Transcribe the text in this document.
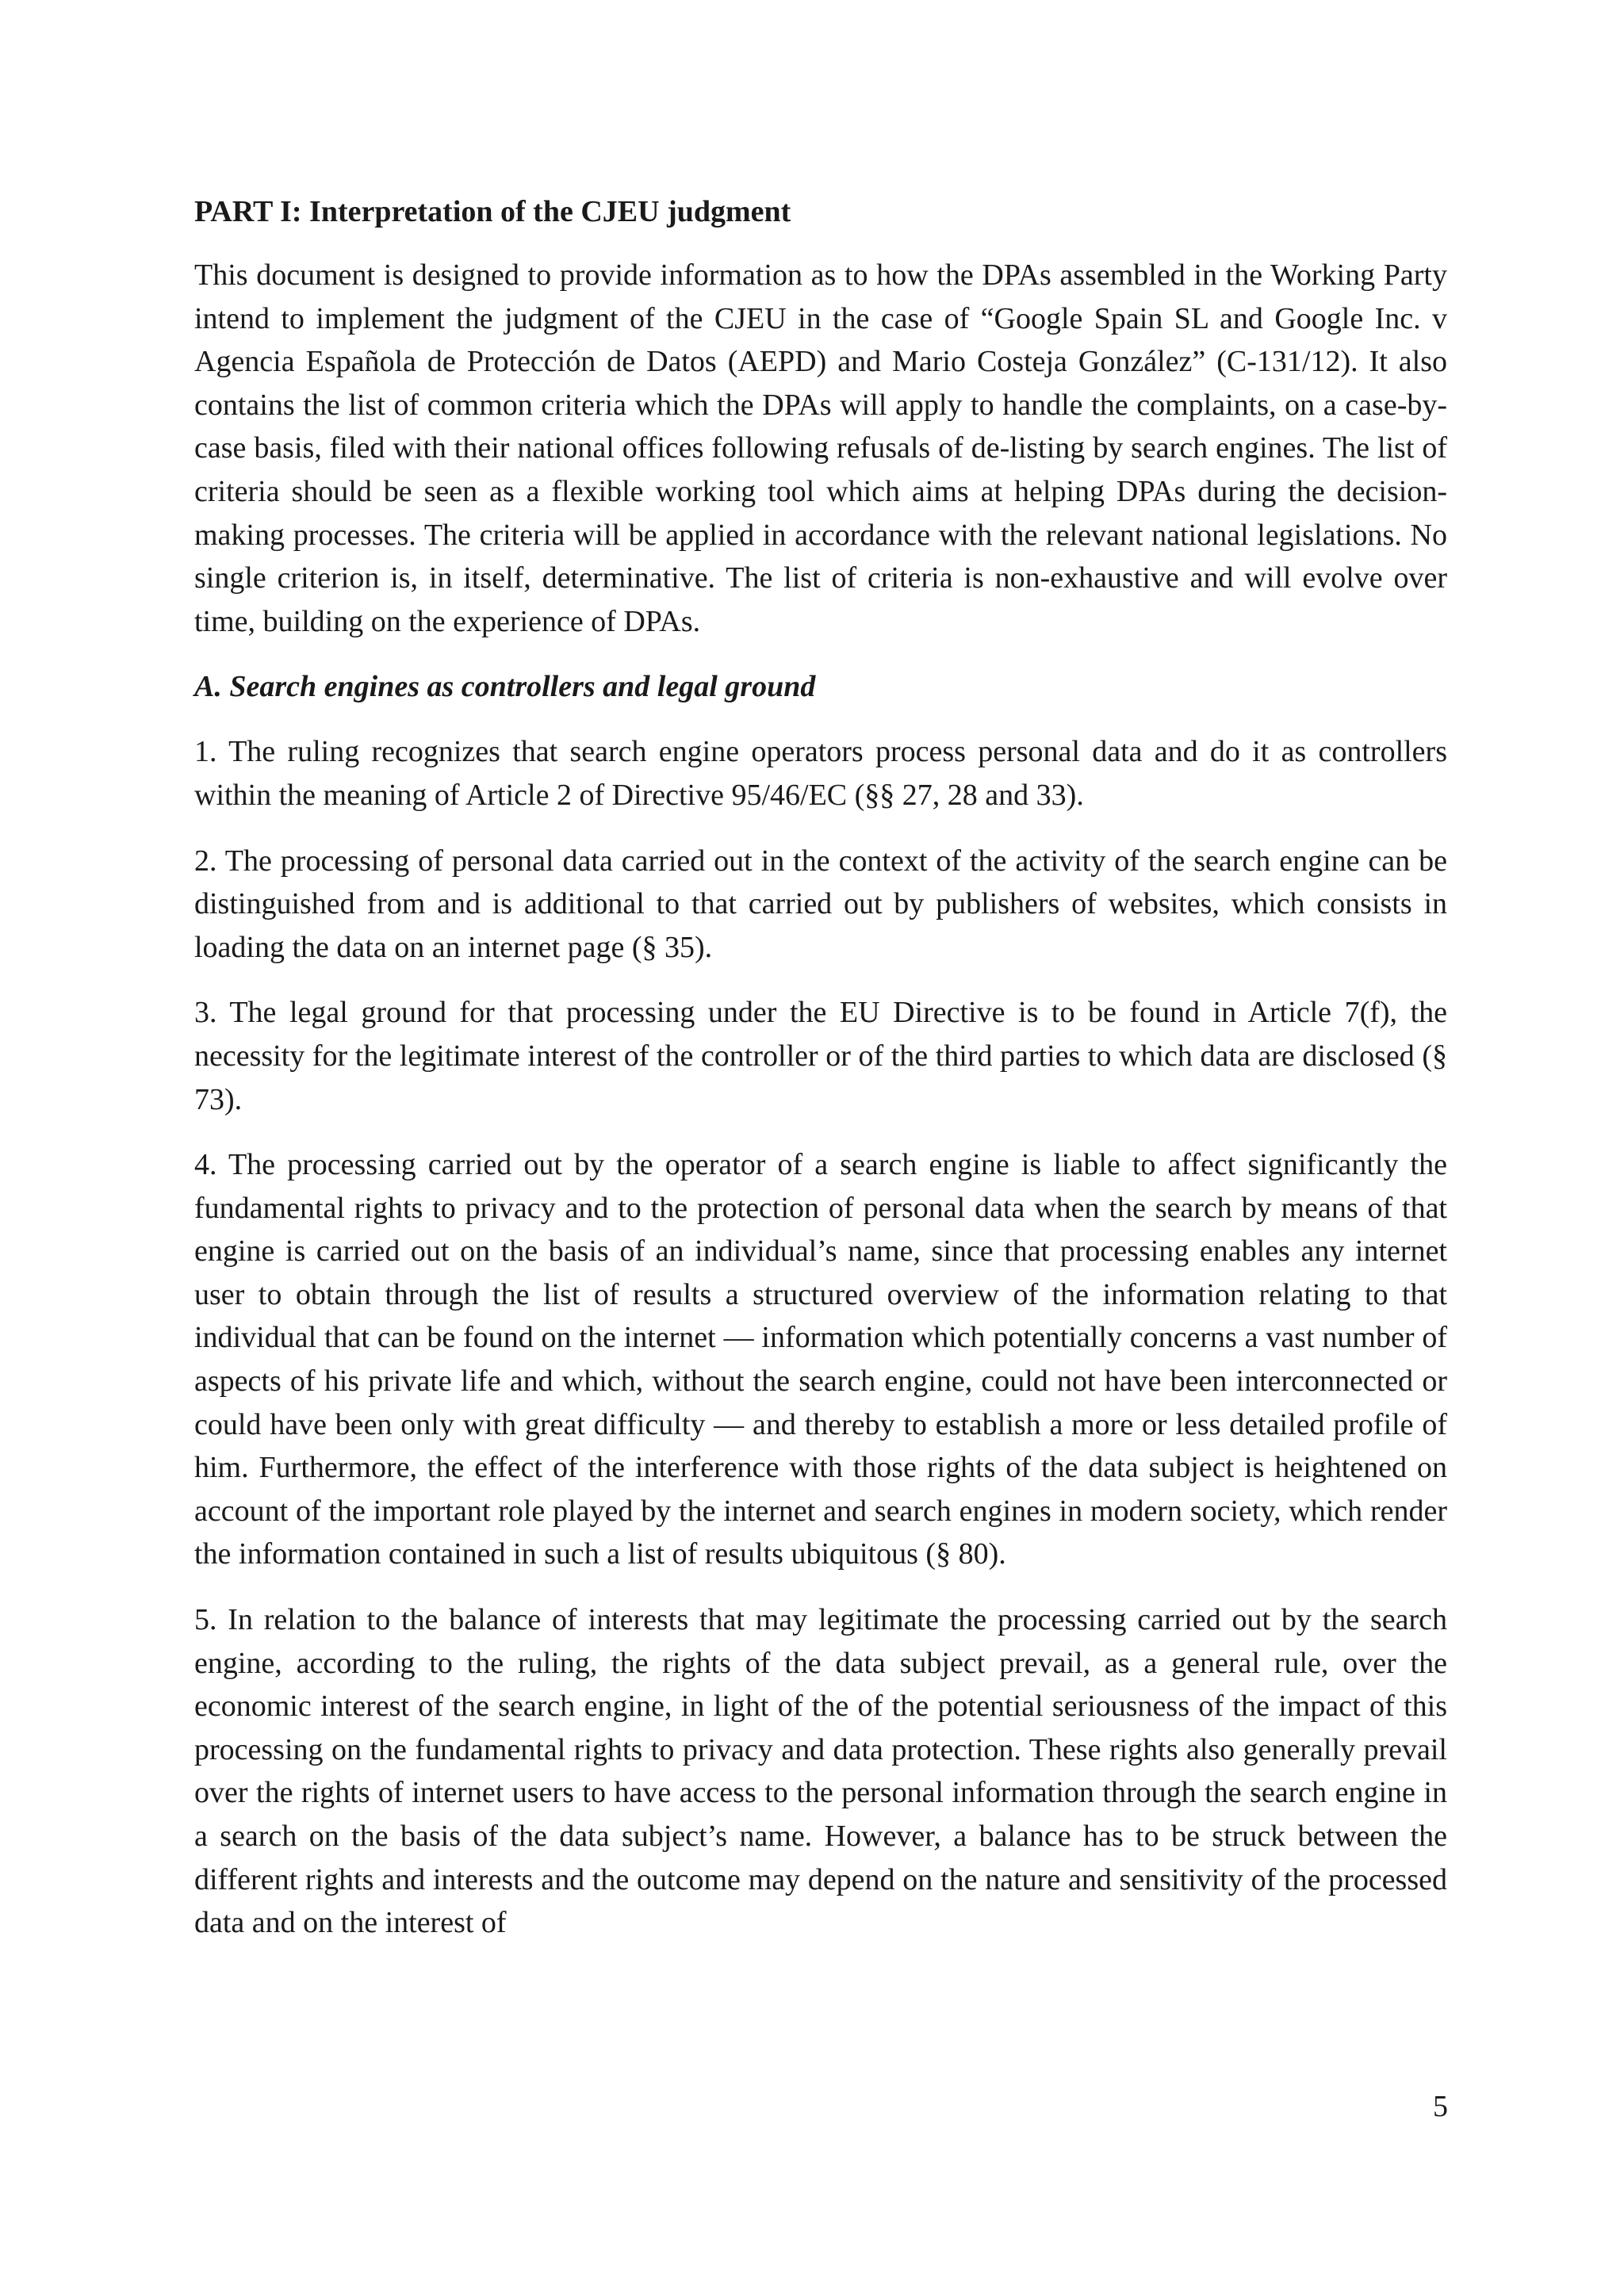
PART I: Interpretation of the CJEU judgment

This document is designed to provide information as to how the DPAs assembled in the Working Party intend to implement the judgment of the CJEU in the case of “Google Spain SL and Google Inc. v Agencia Española de Protección de Datos (AEPD) and Mario Costeja González” (C-131/12). It also contains the list of common criteria which the DPAs will apply to handle the complaints, on a case-by-case basis, filed with their national offices following refusals of de-listing by search engines. The list of criteria should be seen as a flexible working tool which aims at helping DPAs during the decision-making processes. The criteria will be applied in accordance with the relevant national legislations. No single criterion is, in itself, determinative. The list of criteria is non-exhaustive and will evolve over time, building on the experience of DPAs.

A. Search engines as controllers and legal ground

1. The ruling recognizes that search engine operators process personal data and do it as controllers within the meaning of Article 2 of Directive 95/46/EC (§§ 27, 28 and 33).

2. The processing of personal data carried out in the context of the activity of the search engine can be distinguished from and is additional to that carried out by publishers of websites, which consists in loading the data on an internet page (§ 35).

3. The legal ground for that processing under the EU Directive is to be found in Article 7(f), the necessity for the legitimate interest of the controller or of the third parties to which data are disclosed (§ 73).

4. The processing carried out by the operator of a search engine is liable to affect significantly the fundamental rights to privacy and to the protection of personal data when the search by means of that engine is carried out on the basis of an individual’s name, since that processing enables any internet user to obtain through the list of results a structured overview of the information relating to that individual that can be found on the internet — information which potentially concerns a vast number of aspects of his private life and which, without the search engine, could not have been interconnected or could have been only with great difficulty — and thereby to establish a more or less detailed profile of him. Furthermore, the effect of the interference with those rights of the data subject is heightened on account of the important role played by the internet and search engines in modern society, which render the information contained in such a list of results ubiquitous (§ 80).

5. In relation to the balance of interests that may legitimate the processing carried out by the search engine, according to the ruling, the rights of the data subject prevail, as a general rule, over the economic interest of the search engine, in light of the of the potential seriousness of the impact of this processing on the fundamental rights to privacy and data protection. These rights also generally prevail over the rights of internet users to have access to the personal information through the search engine in a search on the basis of the data subject’s name. However, a balance has to be struck between the different rights and interests and the outcome may depend on the nature and sensitivity of the processed data and on the interest of

5
